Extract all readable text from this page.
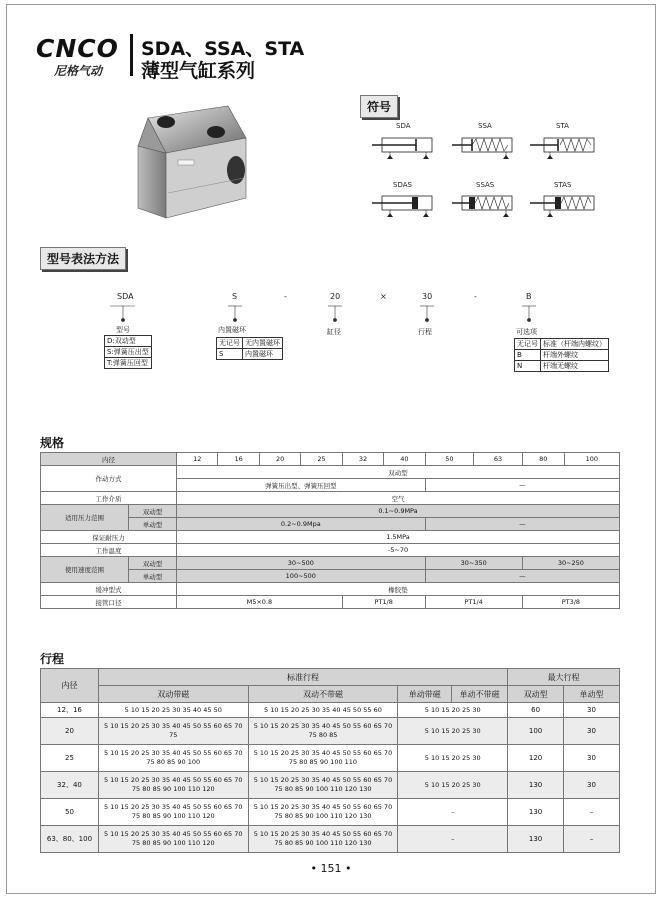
CNCO
尼格气动
SDA、SSA、STA
薄型气缸系列
符号
SDA	SSA	STA
SDAS	SSAS	STAS
型号表法方法
SDA	S	-	20	×	30	-	B
型号
D:双动型
S:弹簧压出型
T:弹簧压回型
内置磁环
无记号	无内置磁环
S	内置磁环
缸径	行程	可选项
无记号	标准（杆端内螺纹）
B	杆端外螺纹
N	杆端无螺纹
规格
内径		12	16	20	25	32	40	50	63	80	100
作动方式		双动型									
		弹簧压出型、弹簧压回型						—			
工作介质		空气									
适用压力范围	双动型	0.1~0.9MPa									
	单动型	0.2~0.9Mpa						—			
保证耐压力		1.5MPa									
工作温度		-5~70									
使用速度范围	双动型	30~500						30~350		30~250	
	单动型	100~500						—			
缓冲型式		橡胶垫									
接管口径		M5×0.8				PT1/8		PT1/4		PT3/8	
行程
内径	标准行程				最大行程	
	双动带磁	双动不带磁	单动带磁	单动不带磁	双动型	单动型
12、16	5 10 15 20 25 30 35 40 45 50	5 10 15 20 25 30 35 40 45 50 55 60	5 10 15 20 25 30		60	30
20	5 10 15 20 25 30 35 40 45 50 55 60 65 70 75	5 10 15 20 25 30 35 40 45 50 55 60 65 70 75 80 85	5 10 15 20 25 30		100	30
25	5 10 15 20 25 30 35 40 45 50 55 60 65 70 75 80 85 90 100	5 10 15 20 25 30 35 40 45 50 55 60 65 70 75 80 85 90 100 110	5 10 15 20 25 30		120	30
32、40	5 10 15 20 25 30 35 40 45 50 55 60 65 70 75 80 85 90 100 110 120	5 10 15 20 25 30 35 40 45 50 55 60 65 70 75 80 85 90 100 110 120 130	5 10 15 20 25 30		130	30
50	5 10 15 20 25 30 35 40 45 50 55 60 65 70 75 80 85 90 100 110 120	5 10 15 20 25 30 35 40 45 50 55 60 65 70 75 80 85 90 100 110 120 130	–		130	–
63、80、100	5 10 15 20 25 30 35 40 45 50 55 60 65 70 75 80 85 90 100 110 120	5 10 15 20 25 30 35 40 45 50 55 60 65 70 75 80 85 90 100 110 120 130	–		130	–
• 151 •
